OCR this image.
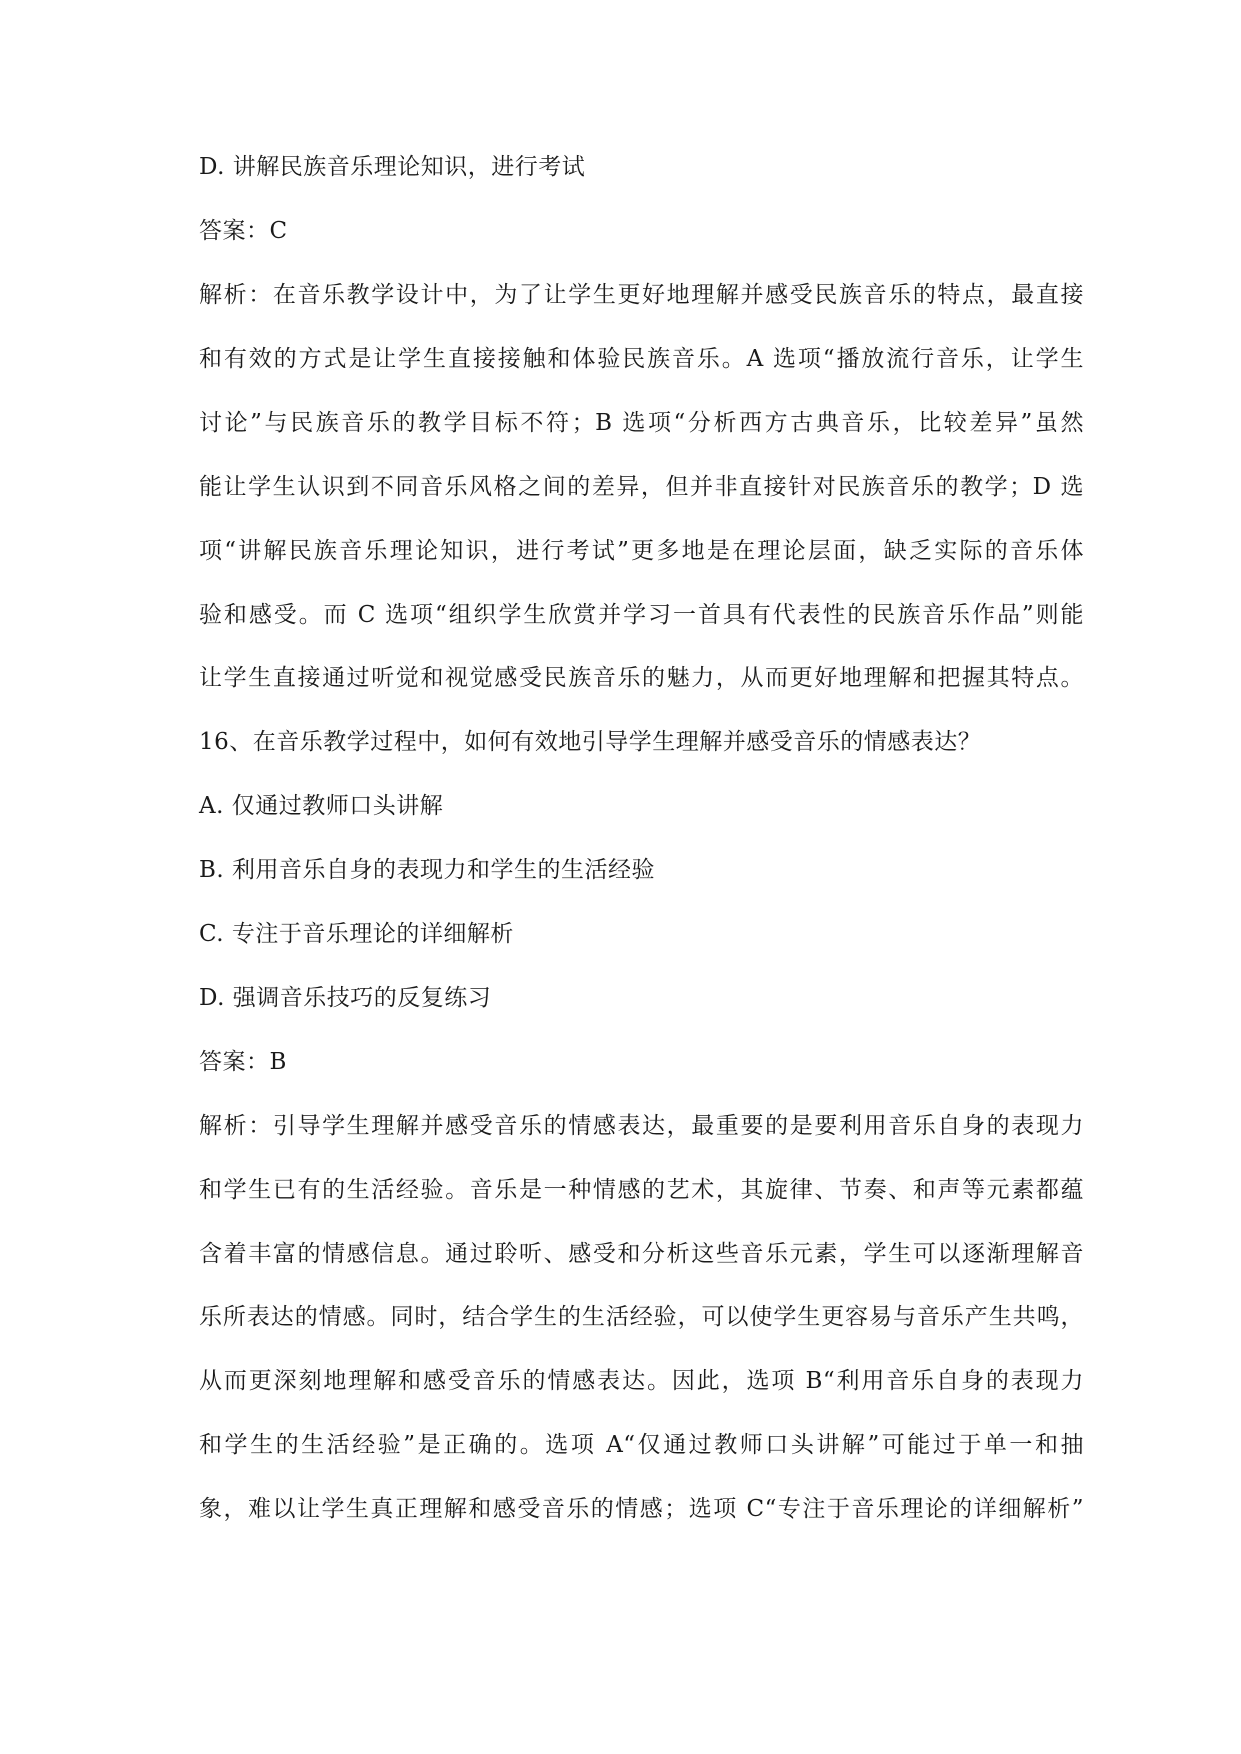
D. 讲解民族音乐理论知识，进行考试
答案：C
解析：在音乐教学设计中，为了让学生更好地理解并感受民族音乐的特点，最直接
和有效的方式是让学生直接接触和体验民族音乐。A 选项“播放流行音乐，让学生
讨论”与民族音乐的教学目标不符；B 选项“分析西方古典音乐，比较差异”虽然
能让学生认识到不同音乐风格之间的差异，但并非直接针对民族音乐的教学；D 选
项“讲解民族音乐理论知识，进行考试”更多地是在理论层面，缺乏实际的音乐体
验和感受。而 C 选项“组织学生欣赏并学习一首具有代表性的民族音乐作品”则能
让学生直接通过听觉和视觉感受民族音乐的魅力，从而更好地理解和把握其特点。
16、在音乐教学过程中，如何有效地引导学生理解并感受音乐的情感表达？
A. 仅通过教师口头讲解
B. 利用音乐自身的表现力和学生的生活经验
C. 专注于音乐理论的详细解析
D. 强调音乐技巧的反复练习
答案：B
解析：引导学生理解并感受音乐的情感表达，最重要的是要利用音乐自身的表现力
和学生已有的生活经验。音乐是一种情感的艺术，其旋律、节奏、和声等元素都蕴
含着丰富的情感信息。通过聆听、感受和分析这些音乐元素，学生可以逐渐理解音
乐所表达的情感。同时，结合学生的生活经验，可以使学生更容易与音乐产生共鸣，
从而更深刻地理解和感受音乐的情感表达。因此，选项 B“利用音乐自身的表现力
和学生的生活经验”是正确的。选项 A“仅通过教师口头讲解”可能过于单一和抽
象，难以让学生真正理解和感受音乐的情感；选项 C“专注于音乐理论的详细解析”
